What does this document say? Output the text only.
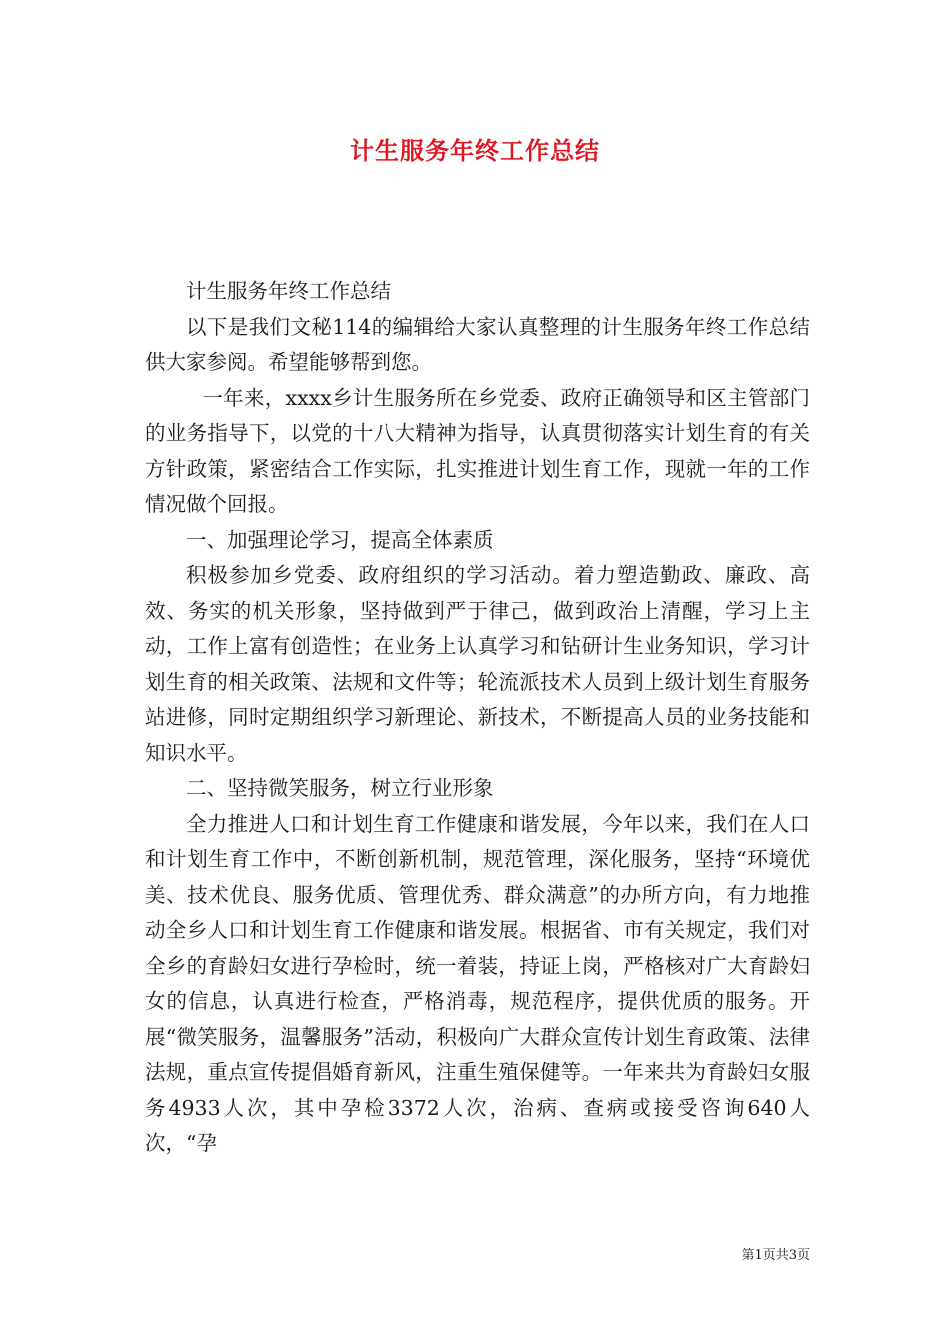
计生服务年终工作总结

计生服务年终工作总结

以下是我们文秘114的编辑给大家认真整理的计生服务年终工作总结供大家参阅。希望能够帮到您。

一年来，xxxx乡计生服务所在乡党委、政府正确领导和区主管部门的业务指导下，以党的十八大精神为指导，认真贯彻落实计划生育的有关方针政策，紧密结合工作实际，扎实推进计划生育工作，现就一年的工作情况做个回报。

一、加强理论学习，提高全体素质

积极参加乡党委、政府组织的学习活动。着力塑造勤政、廉政、高效、务实的机关形象，坚持做到严于律己，做到政治上清醒，学习上主动，工作上富有创造性；在业务上认真学习和钻研计生业务知识，学习计划生育的相关政策、法规和文件等；轮流派技术人员到上级计划生育服务站进修，同时定期组织学习新理论、新技术，不断提高人员的业务技能和知识水平。

二、坚持微笑服务，树立行业形象

全力推进人口和计划生育工作健康和谐发展，今年以来，我们在人口和计划生育工作中，不断创新机制，规范管理，深化服务，坚持“环境优美、技术优良、服务优质、管理优秀、群众满意”的办所方向，有力地推动全乡人口和计划生育工作健康和谐发展。根据省、市有关规定，我们对全乡的育龄妇女进行孕检时，统一着装，持证上岗，严格核对广大育龄妇女的信息，认真进行检查，严格消毒，规范程序，提供优质的服务。开展“微笑服务，温馨服务”活动，积极向广大群众宣传计划生育政策、法律法规，重点宣传提倡婚育新风，注重生殖保健等。一年来共为育龄妇女服务4933人次，其中孕检3372人次，治病、查病或接受咨询640人次，“孕

第1页共3页
